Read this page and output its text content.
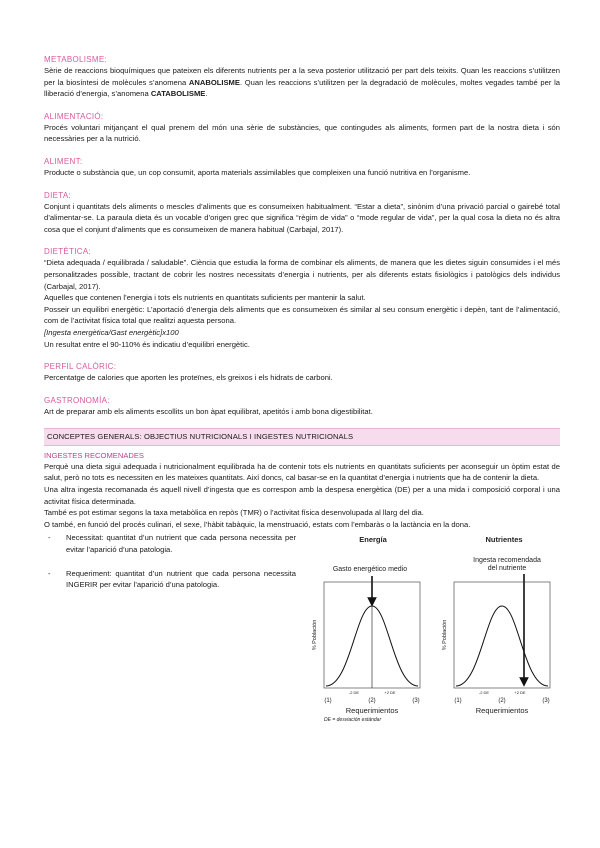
METABOLISME:
Sèrie de reaccions bioquímiques que pateixen els diferents nutrients per a la seva posterior utilització per part dels teixits. Quan les reaccions s’utilitzen per la biosíntesi de molècules s’anomena ANABOLISME. Quan les reaccions s’utilitzen per la degradació de molècules, moltes vegades també per la lliberació d’energia, s’anomena CATABOLISME.
ALIMENTACIÓ:
Procés voluntari mitjançant el qual prenem del món una sèrie de substàncies, que contingudes als aliments, formen part de la nostra dieta i són necessàries per a la nutrició.
ALIMENT:
Producte o substància que, un cop consumit, aporta materials assimilables que compleixen una funció nutritiva en l’organisme.
DIETA:
Conjunt i quantitats dels aliments o mescles d’aliments que es consumeixen habitualment. “Estar a dieta”, sinònim d’una privació parcial o gairebé total d’alimentar-se. La paraula dieta és un vocable d’origen grec que significa “règim de vida” o “mode regular de vida”, per la qual cosa la dieta no és altra cosa que el conjunt d’aliments que es consumeixen de manera habitual (Carbajal, 2017).
DIETÈTICA:
“Dieta adequada / equilibrada / saludable”. Ciència que estudia la forma de combinar els aliments, de manera que les dietes siguin consumides i el més personalitzades possible, tractant de cobrir les nostres necessitats d’energia i nutrients, per als diferents estats fisiològics i patològics dels individus (Carbajal, 2017).
Aquelles que contenen l’energia i tots els nutrients en quantitats suficients per mantenir la salut.
Posseir un equilibri energètic: L’aportació d’energia dels aliments que es consumeixen és similar al seu consum energètic i depèn, tant de l’alimentació, com de l’activitat física total que realitzi aquesta persona.
[Ingesta energètica/Gast energètic]x100
Un resultat entre el 90-110% és indicatiu d’equilibri energètic.
PERFIL CALÒRIC:
Percentatge de calories que aporten les proteïnes, els greixos i els hidrats de carboni.
GASTRONOMÍA:
Art de preparar amb els aliments escollits un bon àpat equilibrat, apetitós i amb bona digestibilitat.
CONCEPTES GENERALS: OBJECTIUS NUTRICIONALS I INGESTES NUTRICIONALS
INGESTES RECOMENADES
Perquè una dieta sigui adequada i nutricionalment equilibrada ha de contenir tots els nutrients en quantitats suficients per aconseguir un òptim estat de salut, però no tots es necessiten en les mateixes quantitats. Així doncs, cal basar-se en la quantitat d’energia i nutrients que ha de contenir la dieta.
Una altra ingesta recomanada és aquell nivell d’ingesta que es correspon amb la despesa energètica (DE) per a una mida i composició corporal i una activitat física determinada.
També es pot estimar segons la taxa metabòlica en repòs (TMR) o l’activitat física desenvolupada al llarg del dia.
O també, en funció del procés culinari, el sexe, l’hàbit tabàquic, la menstruació, estats com l’embaràs o la lactància en la dona.
-	Necessitat: quantitat d’un nutrient que cada persona necessita per evitar l’aparició d’una patologia.
-	Requeriment: quantitat d’un nutrient que cada persona necessita INGERIR per evitar l’aparició d’una patologia.
Energía
Gasto energético medio
% Población
-2 DE	+2 DE
(1)	(2)	(3)
Requerimientos
Nutrientes
Ingesta recomendada
del nutriente
% Población
-2 DE	+2 DE
(1)	(2)	(3)
Requerimientos
DE = desviación estándar
